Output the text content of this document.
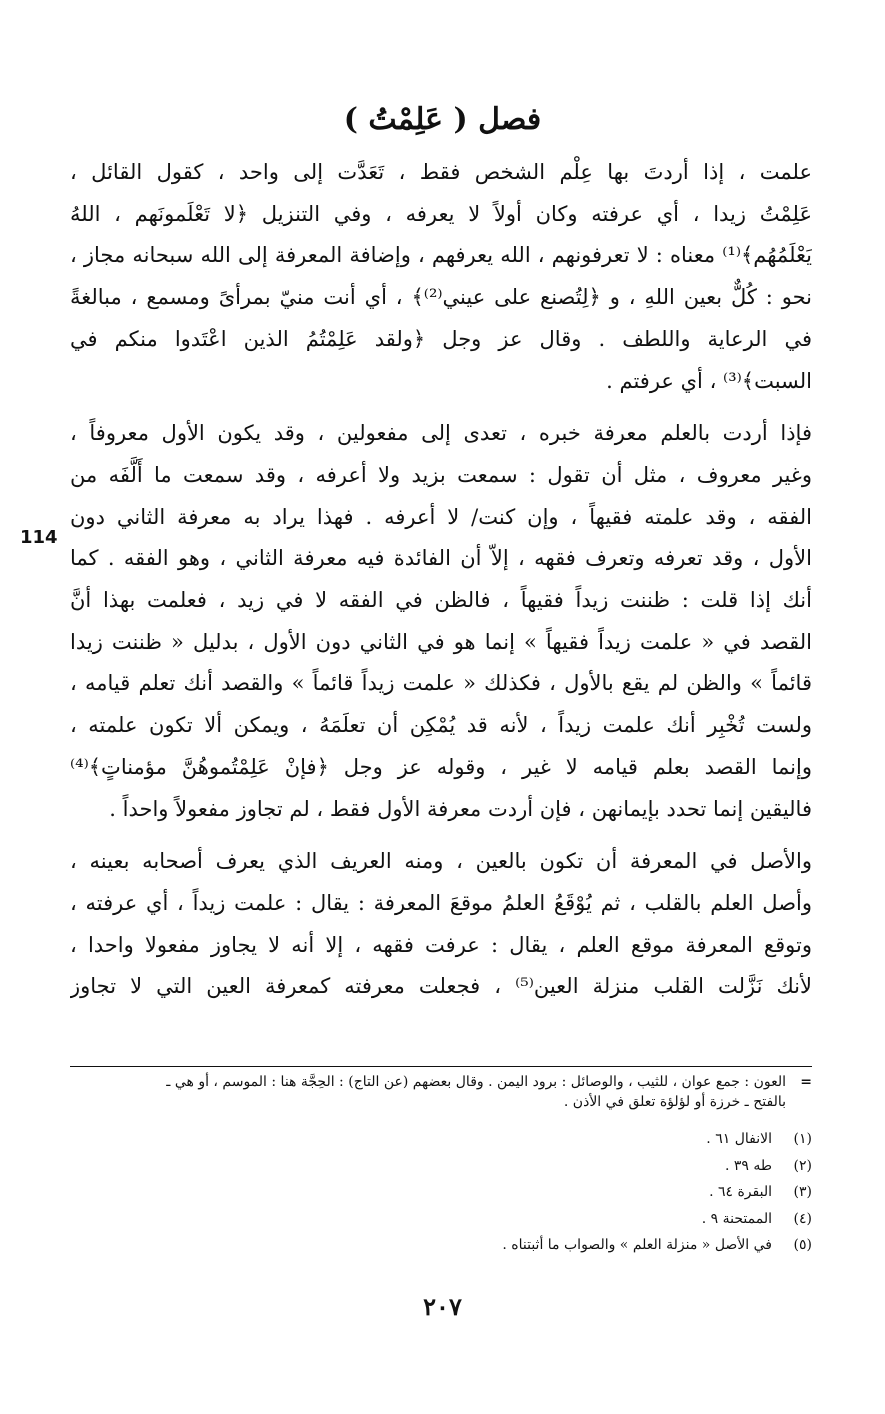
فصل ( عَلِمْتُ )
114

علمت ، إذا أردتَ بها عِلْم الشخص فقط ، تَعَدَّت إلى واحد ، كقول القائل ،
عَلِمْتُ زيدا ، أي عرفته وكان أولاً لا يعرفه ، وفي التنزيل ﴿لا تَعْلَمونَهم ، اللهُ
يَعْلَمُهُم﴾⁽¹⁾ معناه : لا تعرفونهم ، الله يعرفهم ، وإضافة المعرفة إلى الله سبحانه مجاز ،
نحو : كُلٌّ بعين اللهِ ، و ﴿لِتُصنع على عيني⁽²⁾﴾ ، أي أنت منيّ بمرأىً ومسمع ، مبالغةً
في الرعاية واللطف . وقال عز وجل ﴿ولقد عَلِمْتُمُ الذين اعْتَدوا منكم في
السبت﴾⁽³⁾ ، أي عرفتم .

فإذا أردت بالعلم معرفة خبره ، تعدى إلى مفعولين ، وقد يكون الأول معروفاً ،
وغير معروف ، مثل أن تقول : سمعت بزيد ولا أعرفه ، وقد سمعت ما أَلَّفَه من
الفقه ، وقد علمته فقيهاً ، وإن كنت/ لا أعرفه . فهذا يراد به معرفة الثاني دون
الأول ، وقد تعرفه وتعرف فقهه ، إلاّ أن الفائدة فيه معرفة الثاني ، وهو الفقه . كما
أنك إذا قلت : ظننت زيداً فقيهاً ، فالظن في الفقه لا في زيد ، فعلمت بهذا أنَّ
القصد في « علمت زيداً فقيهاً » إنما هو في الثاني دون الأول ، بدليل « ظننت زيدا
قائماً » والظن لم يقع بالأول ، فكذلك « علمت زيداً قائماً » والقصد أنك تعلم قيامه ،
ولست تُخْبِر أنك علمت زيداً ، لأنه قد يُمْكِن أن تعلَمَهُ ، ويمكن ألا تكون علمته ،
وإنما القصد بعلم قيامه لا غير ، وقوله عز وجل ﴿فإنْ عَلِمْتُموهُنَّ مؤمناتٍ﴾⁽⁴⁾
فاليقين إنما تحدد بإيمانهن ، فإن أردت معرفة الأول فقط ، لم تجاوز مفعولاً واحداً .

والأصل في المعرفة أن تكون بالعين ، ومنه العريف الذي يعرف أصحابه بعينه ،
وأصل العلم بالقلب ، ثم يُوْقَعُ العلمُ موقعَ المعرفة : يقال : علمت زيداً ، أي عرفته ،
وتوقع المعرفة موقع العلم ، يقال : عرفت فقهه ، إلا أنه لا يجاوز مفعولا واحدا ،
لأنك نَزَّلت القلب منزلة العين⁽⁵⁾ ، فجعلت معرفته كمعرفة العين التي لا تجاوز

=العون : جمع عوان ، للثيب ، والوصائل : برود اليمن . وقال بعضهم (عن التاج) : الحِجَّة هنا : الموسم ، أو هي ـ
بالفتح ـ خرزة أو لؤلؤة تعلق في الأذن .
(١)الانفال ٦١ .
(٢)طه ٣٩ .
(٣)البقرة ٦٤ .
(٤)الممتحنة ٩ .
(٥)في الأصل « منزلة العلم » والصواب ما أثبتناه .
٢٠٧
